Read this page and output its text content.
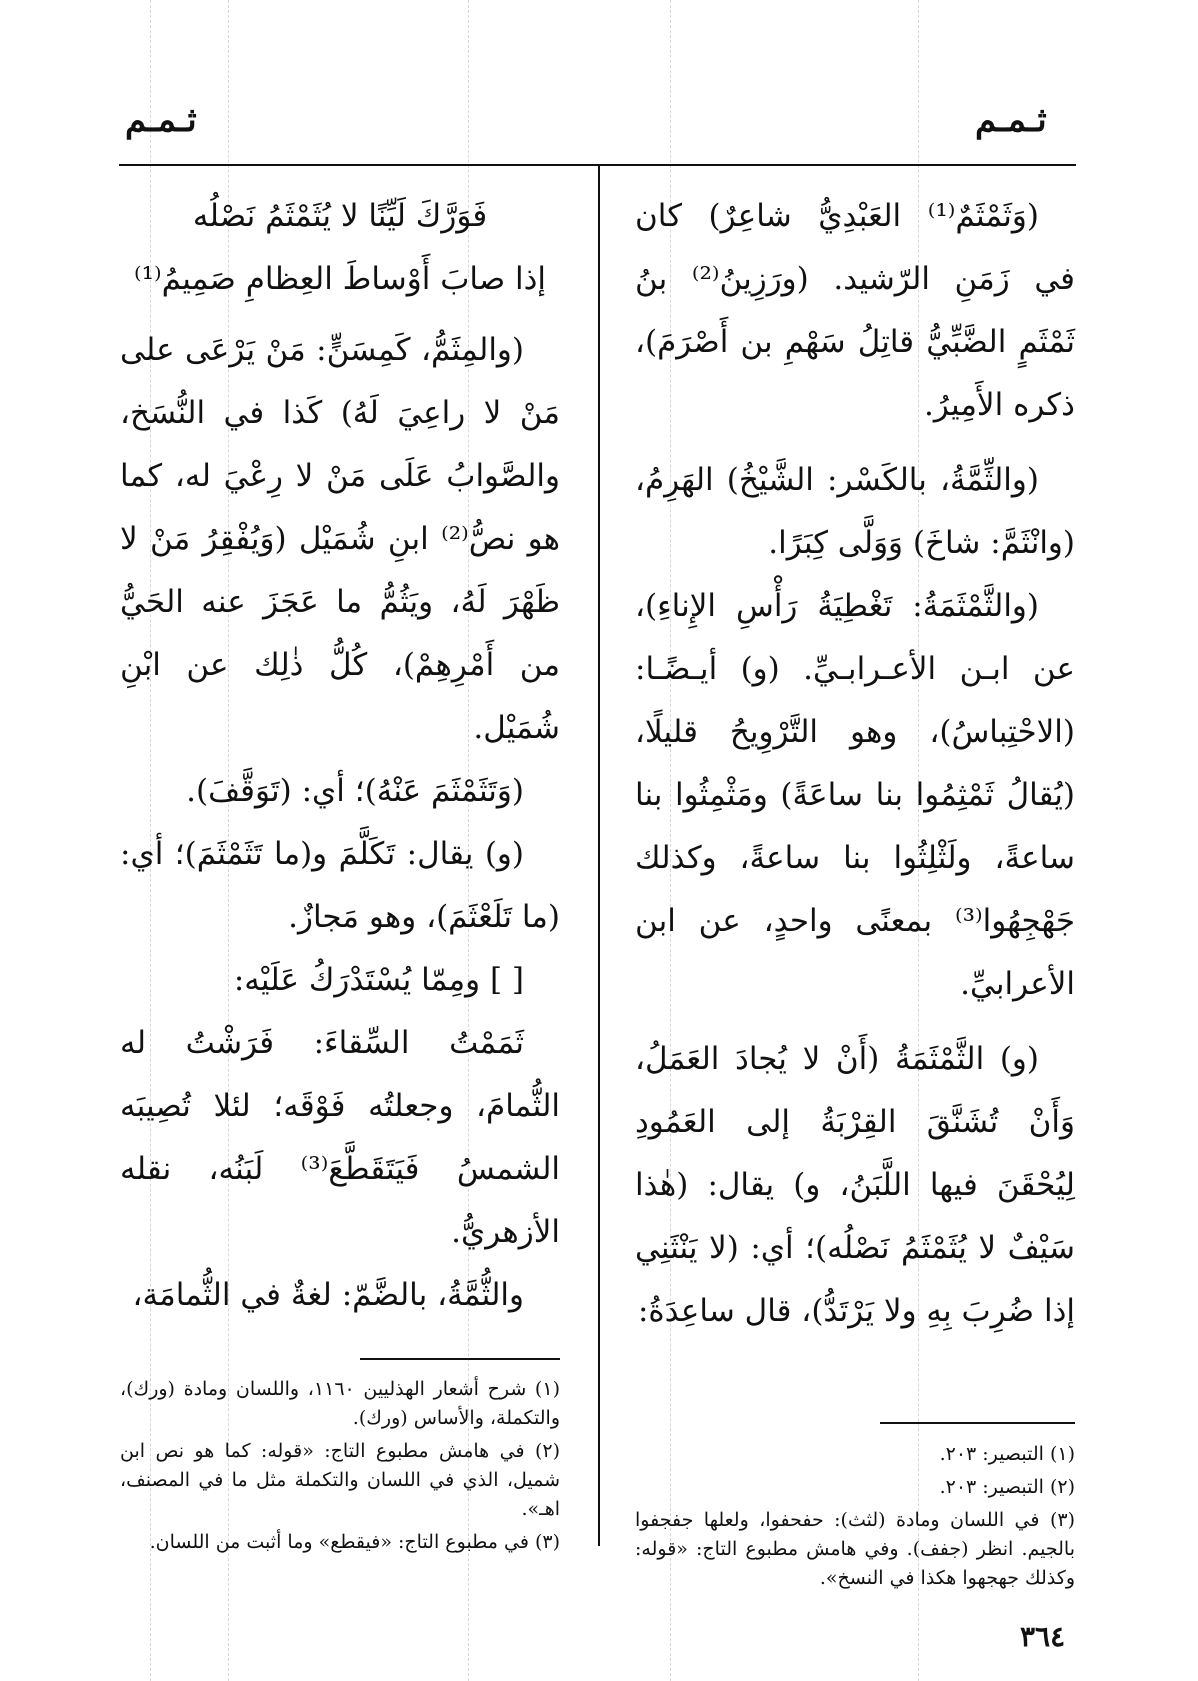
ثـمـم
ثـمـم

(وَثَمْثَمٌ⁽¹⁾ العَبْدِيُّ شاعِرٌ) كان في زَمَنِ الرّشيد. (ورَزِينُ⁽²⁾ بنُ ثَمْثَمٍ الضَّبِّيُّ قاتِلُ سَهْمِ بن أَصْرَمَ)، ذكره الأَمِيرُ.

(والثِّمَّةُ، بالكَسْر: الشَّيْخُ) الهَرِمُ، (وانْثَمَّ: شاخَ) وَوَلَّى كِبَرًا.

(والثَّمْثَمَةُ: تَغْطِيَةُ رَأْسِ الإِناءِ)، عن ابـن الأعـرابـيِّ. (و) أيـضًـا: (الاحْتِباسُ)، وهو التَّرْوِيحُ قليلًا، (يُقالُ ثَمْثِمُوا بنا ساعَةً) ومَثْمِثُوا بنا ساعةً، ولَثْلِثُوا بنا ساعةً، وكذلك جَهْجِهُوا⁽³⁾ بمعنًى واحدٍ، عن ابن الأعرابيِّ.

(و) الثَّمْثَمَةُ (أَنْ لا يُجادَ العَمَلُ، وَأَنْ تُشَنَّقَ القِرْبَةُ إلى العَمُودِ لِيُحْقَنَ فيها اللَّبَنُ، و) يقال: (هٰذا سَيْفٌ لا يُثَمْثَمُ نَصْلُه)؛ أي: (لا يَنْثَنِي إذا ضُرِبَ بِهِ ولا يَرْتَدُّ)، قال ساعِدَةُ:

(١) التبصير: ٢٠٣.

(٢) التبصير: ٢٠٣.

(٣) في اللسان ومادة (لثث): حفحفوا، ولعلها جفجفوا بالجيم. انظر (جفف). وفي هامش مطبوع التاج: «قوله: وكذلك جهجهوا هكذا في النسخ».

فَوَرَّكَ لَيِّنًا لا يُثَمْثَمُ نَصْلُه

إذا صابَ أَوْساطَ العِظامِ صَمِيمُ⁽¹⁾

(والمِثَمُّ، كَمِسَنٍّ: مَنْ يَرْعَى على مَنْ لا راعِيَ لَهُ) كَذا في النُّسَخ، والصَّوابُ عَلَى مَنْ لا رِعْيَ له، كما هو نصُّ⁽²⁾ ابنِ شُمَيْل (وَيُفْقِرُ مَنْ لا ظَهْرَ لَهُ، ويَثُمُّ ما عَجَزَ عنه الحَيُّ من أَمْرِهِمْ)، كُلُّ ذٰلِك عن ابْنِ شُمَيْل.

(وَتَثَمْثَمَ عَنْهُ)؛ أي: (تَوَقَّفَ).

(و) يقال: تَكَلَّمَ و(ما تَثَمْثَمَ)؛ أي: (ما تَلَعْثَمَ)، وهو مَجازٌ.

[ ] ومِمّا يُسْتَدْرَكُ عَلَيْه:

ثَمَمْتُ السِّقاءَ: فَرَشْتُ له الثُّمامَ، وجعلتُه فَوْقَه؛ لئلا تُصِيبَه الشمسُ فَيَتَقَطَّعَ⁽³⁾ لَبَنُه، نقله الأزهريُّ.

والثُّمَّةُ، بالضَّمّ: لغةٌ في الثُّمامَة،

(١) شرح أشعار الهذليين ١١٦٠، واللسان ومادة (ورك)، والتكملة، والأساس (ورك).

(٢) في هامش مطبوع التاج: «قوله: كما هو نص ابن شميل، الذي في اللسان والتكملة مثل ما في المصنف، اهـ».

(٣) في مطبوع التاج: «فيقطع» وما أثبت من اللسان.

٣٦٤
